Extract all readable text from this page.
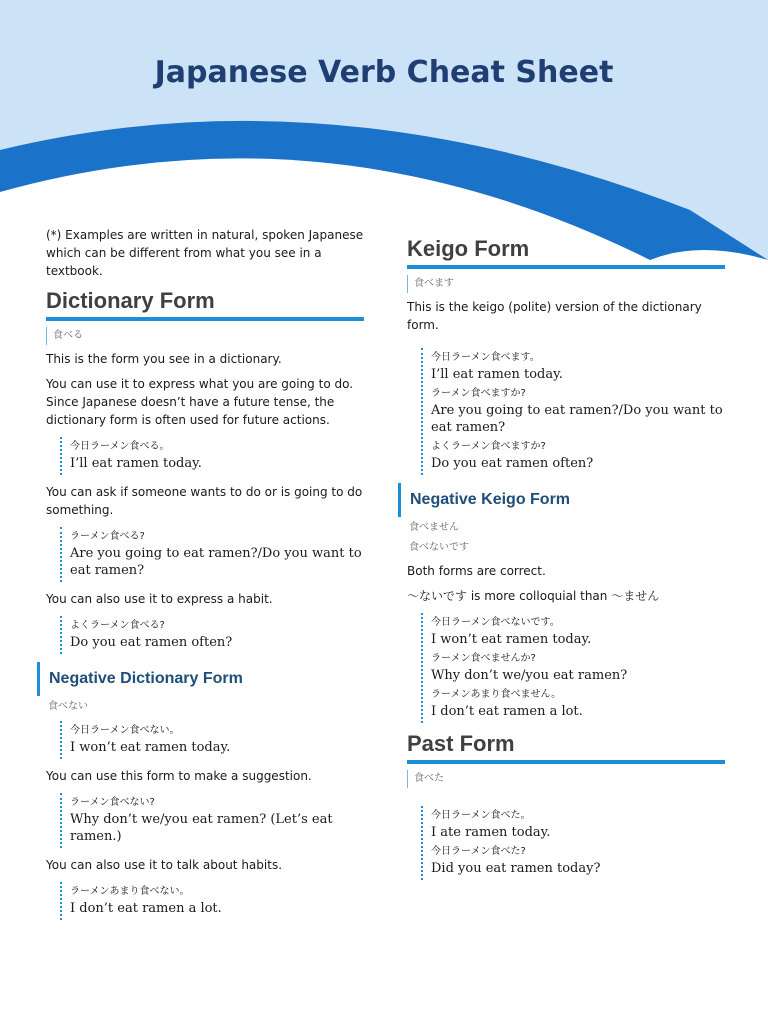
Japanese Verb Cheat Sheet

(*) Examples are written in natural, spoken Japanese which can be different from what you see in a textbook.

Dictionary Form
食べる

This is the form you see in a dictionary.

You can use it to express what you are going to do. Since Japanese doesn’t have a future tense, the dictionary form is often used for future actions.

今日ラーメン食べる。
I’ll eat ramen today.

You can ask if someone wants to do or is going to do something.

ラーメン食べる?
Are you going to eat ramen?/Do you want to eat ramen?

You can also use it to express a habit.

よくラーメン食べる?
Do you eat ramen often?
Negative Dictionary Form
食べない
今日ラーメン食べない。
I won’t eat ramen today.

You can use this form to make a suggestion.

ラーメン食べない?
Why don’t we/you eat ramen? (Let’s eat ramen.)

You can also use it to talk about habits.

ラーメンあまり食べない。
I don’t eat ramen a lot.
Keigo Form
食べます

This is the keigo (polite) version of the dictionary form.

今日ラーメン食べます。
I’ll eat ramen today.
ラーメン食べますか?
Are you going to eat ramen?/Do you want to eat ramen?
よくラーメン食べますか?
Do you eat ramen often?
Negative Keigo Form
食べません
食べないです

Both forms are correct.

〜ないです is more colloquial than 〜ません

今日ラーメン食べないです。
I won’t eat ramen today.
ラーメン食べませんか?
Why don’t we/you eat ramen?
ラーメンあまり食べません。
I don’t eat ramen a lot.
Past Form
食べた
今日ラーメン食べた。
I ate ramen today.
今日ラーメン食べた?
Did you eat ramen today?
